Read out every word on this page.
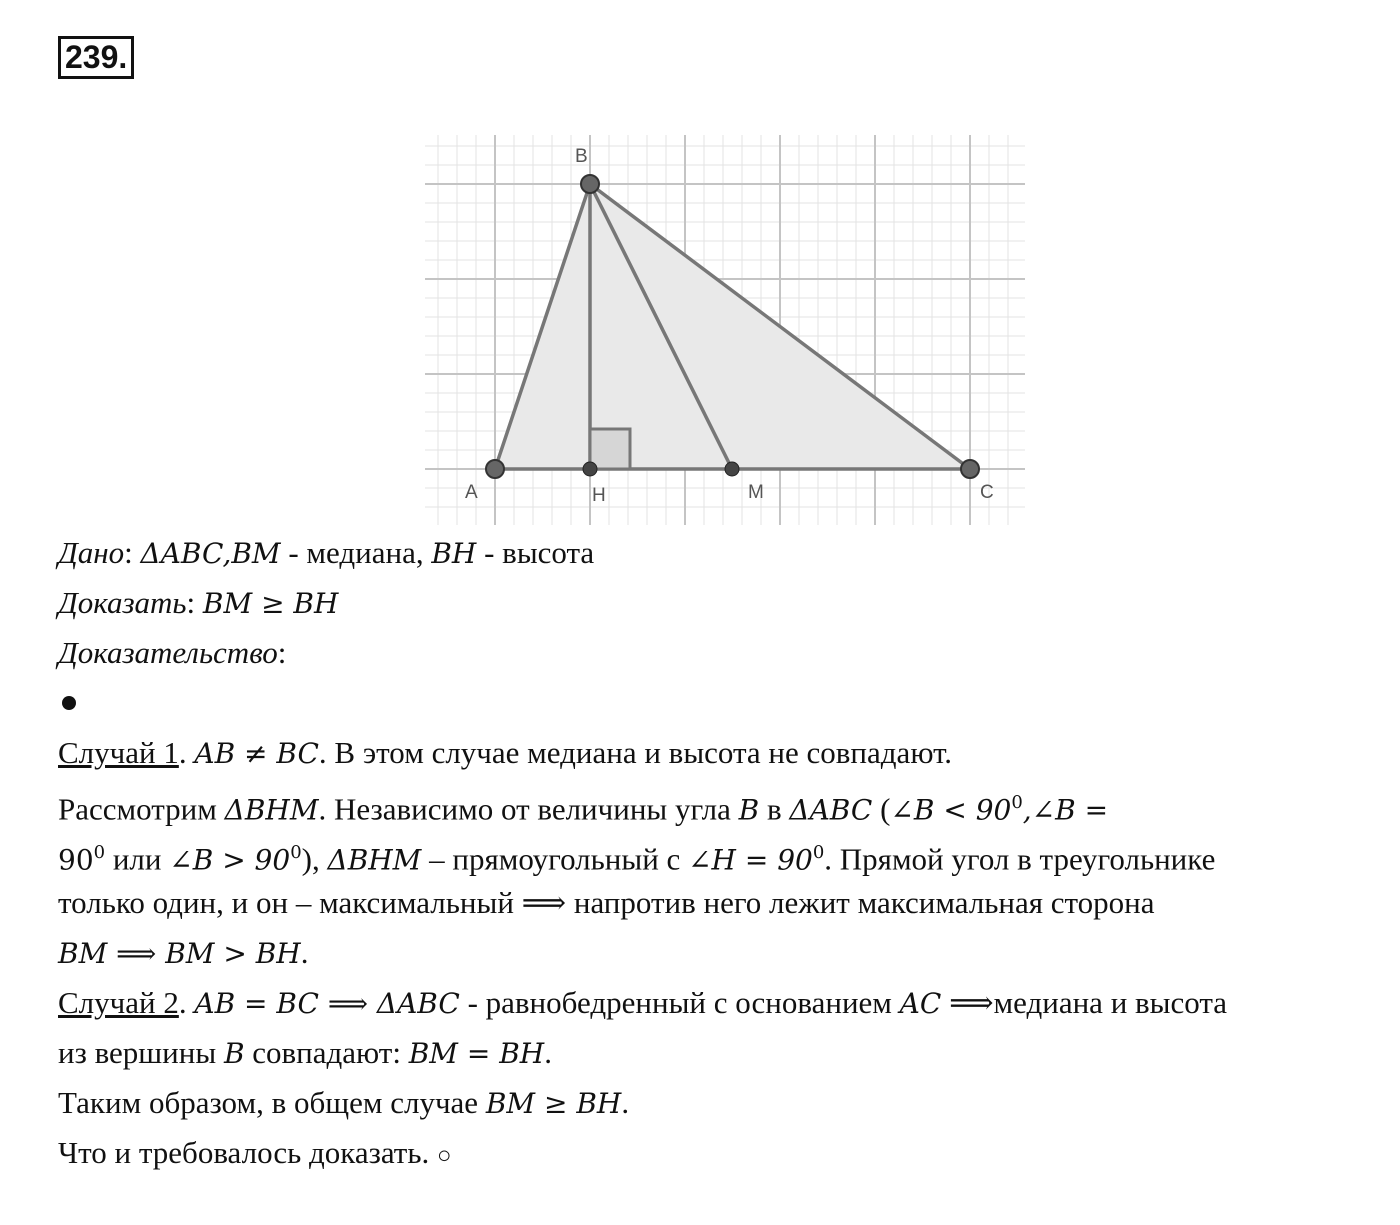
239.
A
B
C
H	M
Дано: ΔABC,BM - медиана, BH - высота
Доказать: BM ≥ BH
Доказательство:
Случай 1. AB ≠ BC. В этом случае медиана и высота не совпадают.
Рассмотрим ΔBHM. Независимо от величины угла B в ΔABC (∠B < $90^0,\angle B$ =
$90^0$ или ∠B > $90^0$), ΔBHM – прямоугольный с ∠H = $90^0$. Прямой угол в треугольнике
только один, и он – максимальный ⟹ напротив него лежит максимальная сторона
BM ⟹ BM > BH.
Случай 2. AB = BC ⟹ ΔABC - равнобедренный с основанием AC ⟹медиана и высота
из вершины B совпадают: BM = BH.
Таким образом, в общем случае BM ≥ BH.
Что и требовалось доказать. ○
